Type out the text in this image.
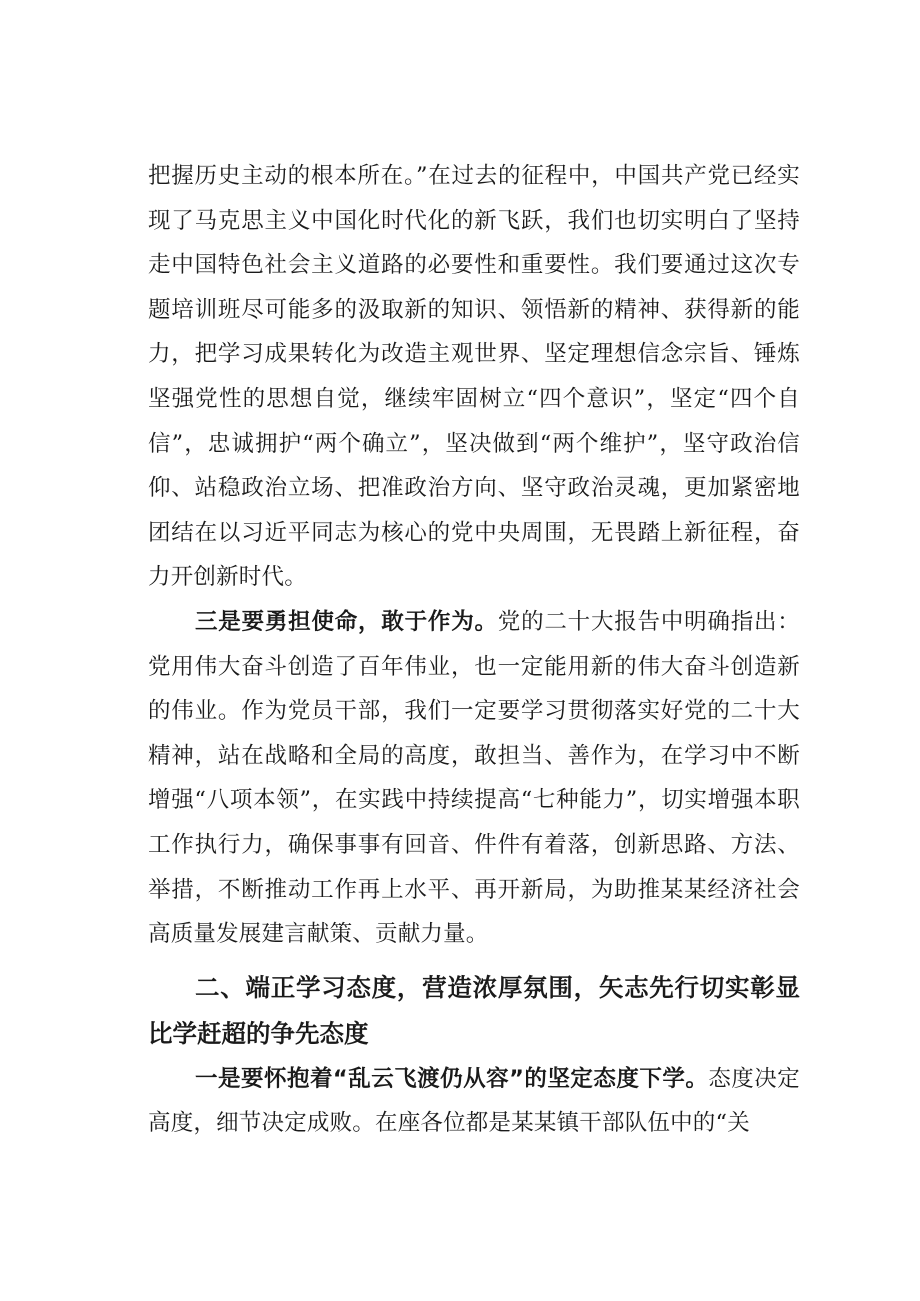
把握历史主动的根本所在。”在过去的征程中，中国共产党已经实现了马克思主义中国化时代化的新飞跃，我们也切实明白了坚持走中国特色社会主义道路的必要性和重要性。我们要通过这次专题培训班尽可能多的汲取新的知识、领悟新的精神、获得新的能力，把学习成果转化为改造主观世界、坚定理想信念宗旨、锤炼坚强党性的思想自觉，继续牢固树立“四个意识”，坚定“四个自信”，忠诚拥护“两个确立”，坚决做到“两个维护”，坚守政治信仰、站稳政治立场、把准政治方向、坚守政治灵魂，更加紧密地团结在以习近平同志为核心的党中央周围，无畏踏上新征程，奋力开创新时代。

三是要勇担使命，敢于作为。党的二十大报告中明确指出：党用伟大奋斗创造了百年伟业，也一定能用新的伟大奋斗创造新的伟业。作为党员干部，我们一定要学习贯彻落实好党的二十大精神，站在战略和全局的高度，敢担当、善作为，在学习中不断增强“八项本领”，在实践中持续提高“七种能力”，切实增强本职工作执行力，确保事事有回音、件件有着落，创新思路、方法、举措，不断推动工作再上水平、再开新局，为助推某某经济社会高质量发展建言献策、贡献力量。

二、端正学习态度，营造浓厚氛围，矢志先行切实彰显比学赶超的争先态度

一是要怀抱着“乱云飞渡仍从容”的坚定态度下学。态度决定高度，细节决定成败。在座各位都是某某镇干部队伍中的“关
